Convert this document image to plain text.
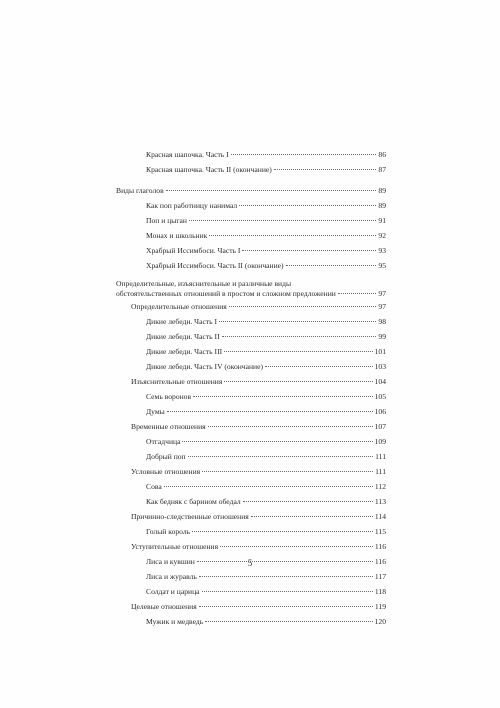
Красная шапочка. Часть I	86
Красная шапочка. Часть II (окончание)	87
Виды глаголов	89
Как поп работницу нанимал	89
Поп и цыган	91
Монах и школьник	92
Храбрый Иссимбоси. Часть I	93
Храбрый Иссимбоси. Часть II (окончание)	95
Определительные, изъяснительные и различные виды
обстоятельственных отношений в простом и сложном предложении	97
Определительные отношения	97
Дикие лебеди. Часть I	98
Дикие лебеди. Часть II	99
Дикие лебеди. Часть III	101
Дикие лебеди. Часть IV (окончание)	103
Изъяснительные отношения	104
Семь воронов	105
Думы	106
Временные отношения	107
Отгадчица	109
Добрый поп	111
Условные отношения	111
Сова	112
Как бедняк с барином обедал	113
Причинно-следственные отношения	114
Голый король	115
Уступительные отношения	116
Лиса и кувшин	116
Лиса и журавль	117
Солдат и царица	118
Целевые отношения	119
Мужик и медведь	120
5
